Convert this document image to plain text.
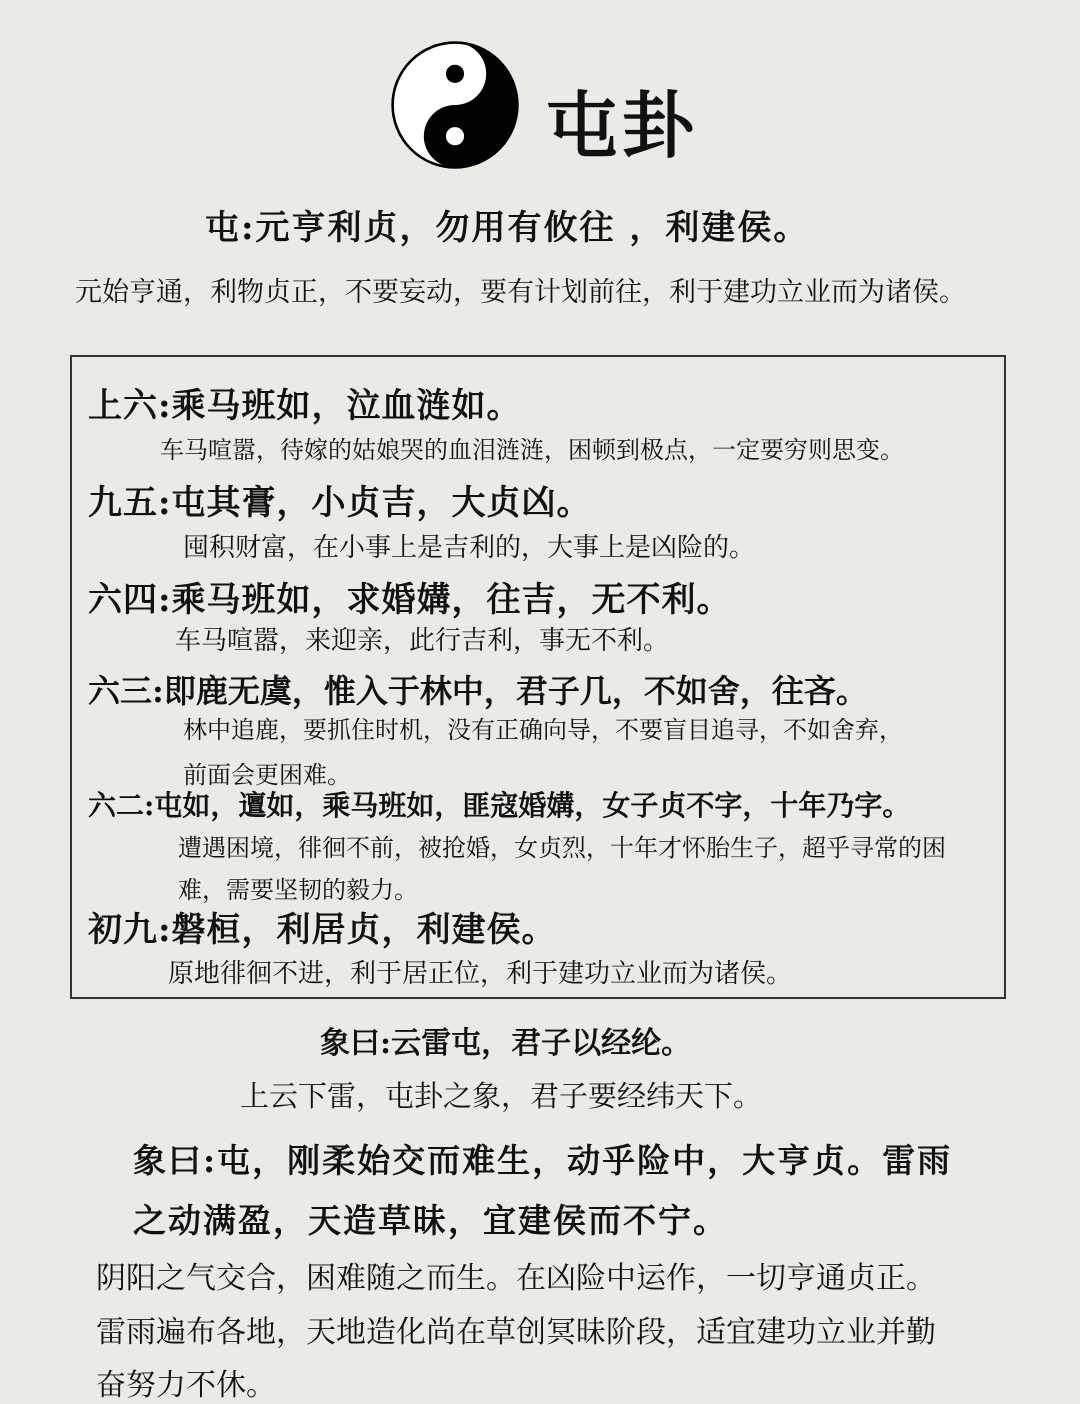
屯卦
屯:元亨利贞，勿用有攸往 ，利建侯。
元始亨通，利物贞正，不要妄动，要有计划前往，利于建功立业而为诸侯。
上六:乘马班如，泣血涟如。
车马喧嚣，待嫁的姑娘哭的血泪涟涟，困顿到极点，一定要穷则思变。
九五:屯其膏，小贞吉，大贞凶。
囤积财富，在小事上是吉利的，大事上是凶险的。
六四:乘马班如，求婚媾，往吉，无不利。
车马喧嚣，来迎亲，此行吉利，事无不利。
六三:即鹿无虞，惟入于林中，君子几，不如舍，往吝。
林中追鹿，要抓住时机，没有正确向导，不要盲目追寻，不如舍弃，
前面会更困难。
六二:屯如，邅如，乘马班如，匪寇婚媾，女子贞不字，十年乃字。
遭遇困境，徘徊不前，被抢婚，女贞烈，十年才怀胎生子，超乎寻常的困
难，需要坚韧的毅力。
初九:磐桓，利居贞，利建侯。
原地徘徊不进，利于居正位，利于建功立业而为诸侯。
象曰:云雷屯，君子以经纶。
上云下雷，屯卦之象，君子要经纬天下。
象曰:屯，刚柔始交而难生，动乎险中，大亨贞。雷雨
之动满盈，天造草昧，宜建侯而不宁。
阴阳之气交合，困难随之而生。在凶险中运作，一切亨通贞正。
雷雨遍布各地，天地造化尚在草创冥昧阶段，适宜建功立业并勤
奋努力不休。
